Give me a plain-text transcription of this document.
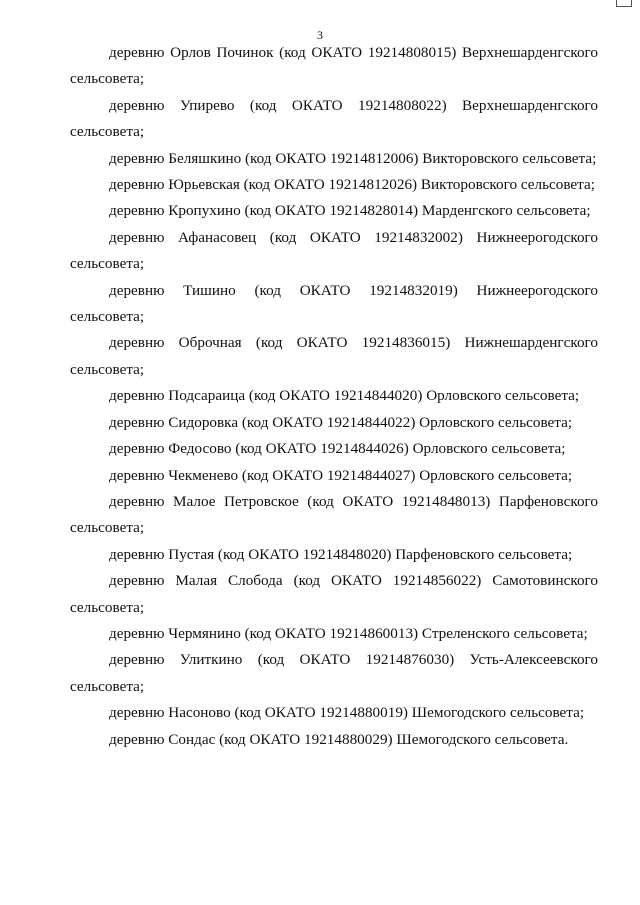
3

деревню Орлов Починок (код ОКАТО 19214808015) Верхнешарденгского сельсовета;

деревню Упирево (код ОКАТО 19214808022) Верхнешарденгского сельсовета;

деревню Беляшкино (код ОКАТО 19214812006) Викторовского сельсовета;

деревню Юрьевская (код ОКАТО 19214812026) Викторовского сельсовета;

деревню Кропухино (код ОКАТО 19214828014) Марденгского сельсовета;

деревню Афанасовец (код ОКАТО 19214832002) Нижнеерогодского сельсовета;

деревню Тишино (код ОКАТО 19214832019) Нижнеерогодского сельсовета;

деревню Оброчная (код ОКАТО 19214836015) Нижнешарденгского сельсовета;

деревню Подсараица (код ОКАТО 19214844020) Орловского сельсовета;

деревню Сидоровка (код ОКАТО 19214844022) Орловского сельсовета;

деревню Федосово (код ОКАТО 19214844026) Орловского сельсовета;

деревню Чекменево (код ОКАТО 19214844027) Орловского сельсовета;

деревню Малое Петровское (код ОКАТО 19214848013) Парфеновского сельсовета;

деревню Пустая (код ОКАТО 19214848020) Парфеновского сельсовета;

деревню Малая Слобода (код ОКАТО 19214856022) Самотовинского сельсовета;

деревню Чермянино (код ОКАТО 19214860013) Стреленского сельсовета;

деревню Улиткино (код ОКАТО 19214876030) Усть-Алексеевского сельсовета;

деревню Насоново (код ОКАТО 19214880019) Шемогодского сельсовета;

деревню Сондас (код ОКАТО 19214880029) Шемогодского сельсовета.
